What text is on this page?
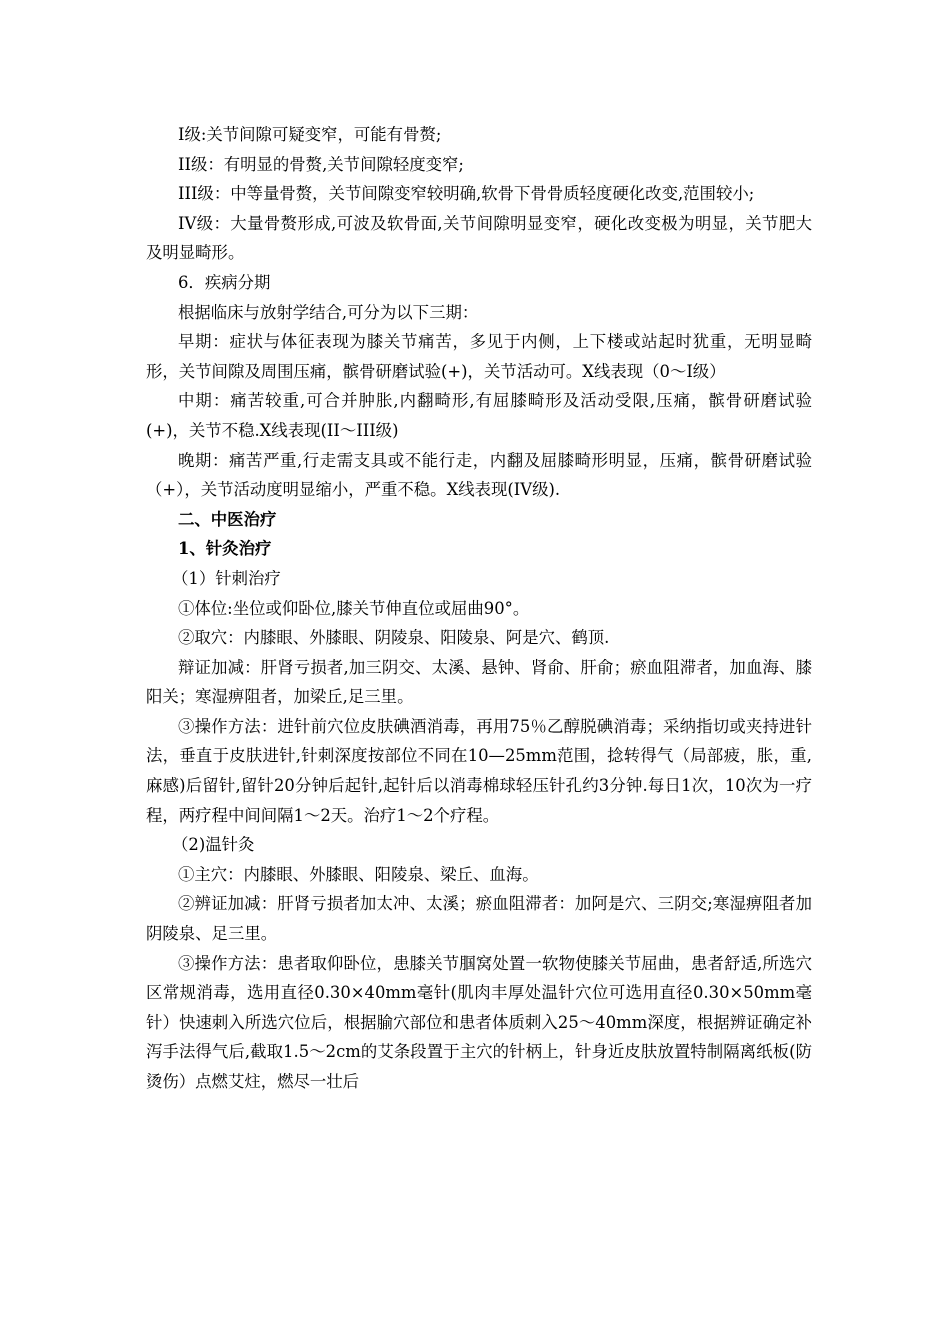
I级:关节间隙可疑变窄，可能有骨赘;

II级：有明显的骨赘,关节间隙轻度变窄;

III级：中等量骨赘，关节间隙变窄较明确,软骨下骨骨质轻度硬化改变,范围较小;

IV级：大量骨赘形成,可波及软骨面,关节间隙明显变窄，硬化改变极为明显，关节肥大及明显畸形。

6．疾病分期

根据临床与放射学结合,可分为以下三期：

早期：症状与体征表现为膝关节痛苦，多见于内侧，上下楼或站起时犹重，无明显畸形，关节间隙及周围压痛，髌骨研磨试验(+)，关节活动可。X线表现（0～I级）

中期：痛苦较重,可合并肿胀,内翻畸形,有屈膝畸形及活动受限,压痛，髌骨研磨试验(+)，关节不稳.X线表现(II～III级)

晚期：痛苦严重,行走需支具或不能行走，内翻及屈膝畸形明显，压痛，髌骨研磨试验（+），关节活动度明显缩小，严重不稳。X线表现(IV级).

二、中医治疗

1、针灸治疗

（1）针刺治疗

①体位:坐位或仰卧位,膝关节伸直位或屈曲90°。

②取穴：内膝眼、外膝眼、阴陵泉、阳陵泉、阿是穴、鹤顶.

辩证加减：肝肾亏损者,加三阴交、太溪、悬钟、肾俞、肝俞；瘀血阻滞者，加血海、膝阳关；寒湿痹阻者，加梁丘,足三里。

③操作方法：进针前穴位皮肤碘酒消毒，再用75％乙醇脱碘消毒；采纳指切或夹持进针法，垂直于皮肤进针,针刺深度按部位不同在10—25mm范围，捻转得气（局部疲，胀，重,麻感)后留针,留针20分钟后起针,起针后以消毒棉球轻压针孔约3分钟.每日1次，10次为一疗程，两疗程中间间隔1～2天。治疗1～2个疗程。

（2)温针灸

①主穴：内膝眼、外膝眼、阳陵泉、梁丘、血海。

②辨证加减：肝肾亏损者加太冲、太溪；瘀血阻滞者：加阿是穴、三阴交;寒湿痹阻者加阴陵泉、足三里。

③操作方法：患者取仰卧位，患膝关节腘窝处置一软物使膝关节屈曲，患者舒适,所选穴区常规消毒，选用直径0.30×40mm毫针(肌肉丰厚处温针穴位可选用直径0.30×50mm毫针）快速刺入所选穴位后，根据腧穴部位和患者体质刺入25～40mm深度，根据辨证确定补泻手法得气后,截取1.5～2cm的艾条段置于主穴的针柄上，针身近皮肤放置特制隔离纸板(防烫伤）点燃艾炷，燃尽一壮后
